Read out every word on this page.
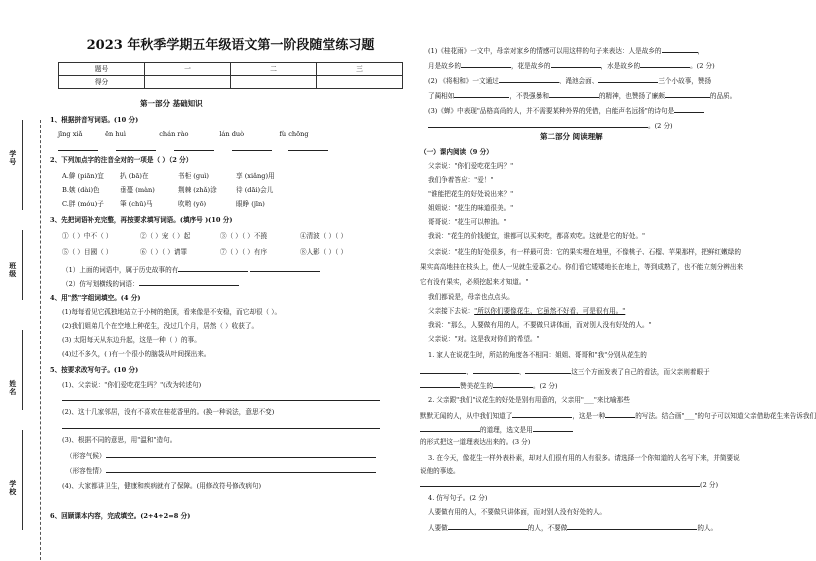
学号
班级
姓名
学校
2023 年秋季学期五年级语文第一阶段随堂练习题
题号	一	二	三
得分			
第一部分 基础知识
1、根据拼音写词语。(10 分)
jīng xiǎ	ēn huì	chán rào	lán duò	fù chōng
2、下列加点字的注音全对的一项是（ ）（2 分）
A.僻 (piān)宜 扒 (bā)在	书柜 (guì)	享 (xiǎng)用
B.嫉 (dài)色	垂蔓 (màn)	荆棘 (zhǎ)涂	待 (dāi)会儿
C.胖 (móu)子 筆 (chū)马	吹哟 (yō)	眼睁 (jīn)
3、先把词语补充完整，再按要求填写词语。(填序号 )(10 分)
①（ ）中不（ ）	②（ ）宠（ ）起	③（ ）（ ）不撓	④清波（ ）（ ）
⑤（ ）目國（ ）	⑥（ ）（ ）请罪	⑦（ ）（ ）有序	⑧人影（ ）（ ）
（1）上面的词语中，属于历史故事的有
（2）仿写划横线的词语：
4、用"然"字组词填空。(4 分)
(1)每每看见它孤独地站立于小树的绝顶，看来像是不安稳，而它却很（ ）。
(2)我们姐弟几个在空地上种花生，没过几个月，居然（ ）收获了。
(3) 太阳每天从东边升起，这是一种（ ）的事。
(4)过不多久，( )有一个很小的脑袋从叶间探出来。
5、按要求改写句子。(10 分)
(1)、父亲说："你们爱吃花生吗？"(改为转述句)
(2)、这十几家邻居，没有不喜欢在桂花香里的。(换一种说法，意思不变)
(3)、根据不同的意思，用"温和"造句。
（形容气候）
（形容性情）
(4)、大家都讲卫生，健康和疾病就有了保障。(用修改符号修改病句)
6、回顾课本内容，完成填空。(2+4+2=8 分)
(1)《桂花雨》一文中，母亲对家乡的情感可以用这样的句子来表达：人是故乡的	，
月是故乡的	，花是故乡的	，水是故乡的	。(2 分)
(2) 《将相和》一文通过	、渑池会面、	三个小故事，赞扬
了蔺相如	，不畏强暴和	的精神，也赞扬了廉颇	的品质。
(3)《蝉》中表现"品格高尚的人，并不需要某种外界的凭借，自能声名远扬"的诗句是
。(2 分)
第二部分 阅读理解
（一）课内阅读（9 分）
父亲说："你们爱吃花生吗？"
我们争着答应："爱！"
"谁能把花生的好处说出来？"
姐姐说："花生的味道很美。"
哥哥说："花生可以榨油。"
我说："花生的价钱便宜，谁都可以买来吃，都喜欢吃。这就是它的好处。"
父亲说："花生的好处很多，有一样最可贵：它的果实埋在地里，不像桃子、石榴、苹果那样，把鲜红嫩绿的果实高高地挂在枝头上，使人一见就生爱慕之心。你们看它矮矮地长在地上，等到成熟了，也不能立刻分辨出来它有没有果实，必须挖起来才知道。"
我们都说是，母亲也点点头。
父亲接下去说："所以你们要像花生，它虽然不好看，可是很有用。"
我说："那么，人要做有用的人，不要做只讲体面，而对别人没有好处的人。"
父亲说："对。这是我对你们的希望。"
1. 家人在说花生时，所站的角度各不相同：姐姐、哥哥和"我"分别从花生的
、	、	这三个方面发表了自己的看法，而父亲则着眼于
赞美花生的	。(2 分)
2. 父亲跟"我们"议花生的好处是别有用意的，父亲用"___"来比喻那些
默默无闻的人，从中我们知道了	，这是一种	的写法。结合画"___"的句子可以知道父亲借助花生来告诉我们
的道理，选文是用
的形式把这一道理表达出来的。(3 分)
3. 在今天，像花生一样外表朴素，却对人们很有用的人有很多。请选择一个你知道的人名写下来，并简要说说他的事迹。
(2 分)
4. 仿写句子。(2 分)
人要做有用的人，不要做只讲体面，而对别人没有好处的人。
人要做	的人，不要做	的人。
